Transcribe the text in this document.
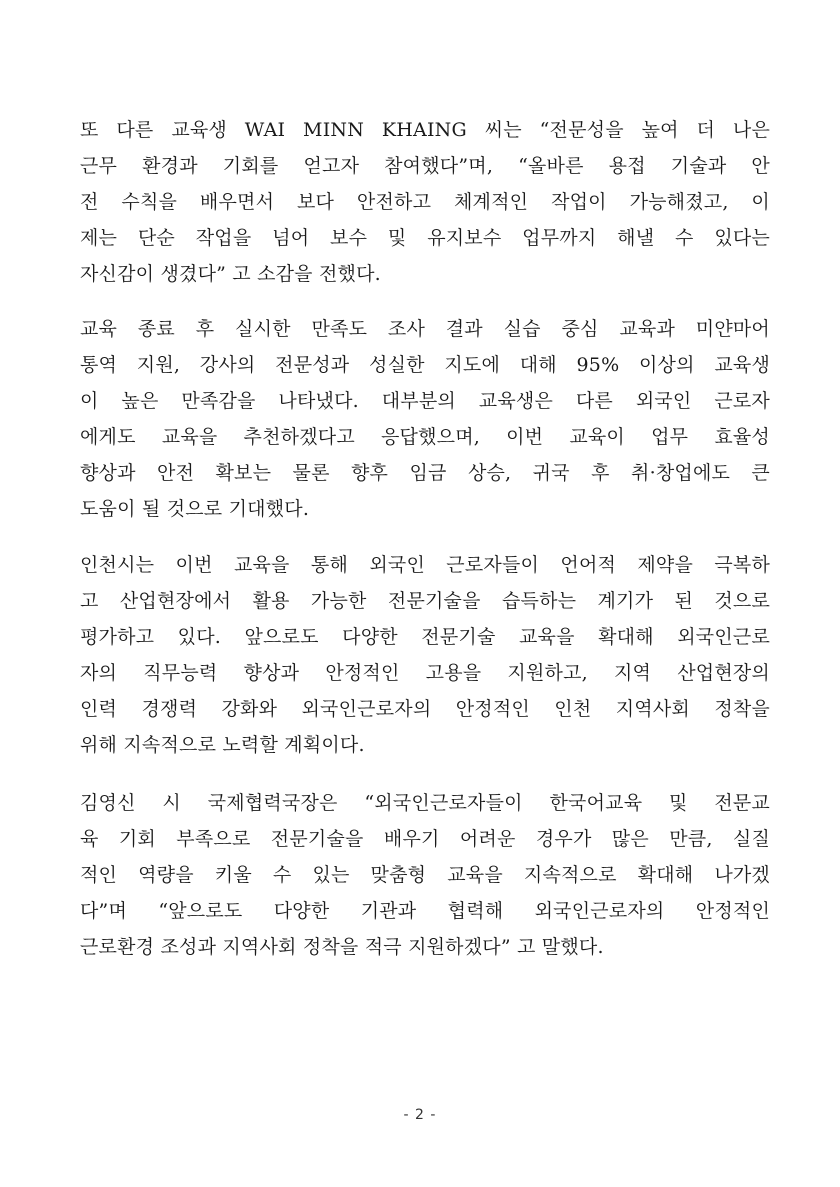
또 다른 교육생 WAI MINN KHAING 씨는 “전문성을 높여 더 나은
근무 환경과 기회를 얻고자 참여했다”며, “올바른 용접 기술과 안
전 수칙을 배우면서 보다 안전하고 체계적인 작업이 가능해졌고, 이
제는 단순 작업을 넘어 보수 및 유지보수 업무까지 해낼 수 있다는
자신감이 생겼다” 고 소감을 전했다.
교육 종료 후 실시한 만족도 조사 결과 실습 중심 교육과 미얀마어
통역 지원, 강사의 전문성과 성실한 지도에 대해 95% 이상의 교육생
이 높은 만족감을 나타냈다. 대부분의 교육생은 다른 외국인 근로자
에게도 교육을 추천하겠다고 응답했으며, 이번 교육이 업무 효율성
향상과 안전 확보는 물론 향후 임금 상승, 귀국 후 취·창업에도 큰
도움이 될 것으로 기대했다.
인천시는 이번 교육을 통해 외국인 근로자들이 언어적 제약을 극복하
고 산업현장에서 활용 가능한 전문기술을 습득하는 계기가 된 것으로
평가하고 있다. 앞으로도 다양한 전문기술 교육을 확대해 외국인근로
자의 직무능력 향상과 안정적인 고용을 지원하고, 지역 산업현장의
인력 경쟁력 강화와 외국인근로자의 안정적인 인천 지역사회 정착을
위해 지속적으로 노력할 계획이다.
김영신 시 국제협력국장은 “외국인근로자들이 한국어교육 및 전문교
육 기회 부족으로 전문기술을 배우기 어려운 경우가 많은 만큼, 실질
적인 역량을 키울 수 있는 맞춤형 교육을 지속적으로 확대해 나가겠
다”며 “앞으로도 다양한 기관과 협력해 외국인근로자의 안정적인
근로환경 조성과 지역사회 정착을 적극 지원하겠다” 고 말했다.
- 2 -
